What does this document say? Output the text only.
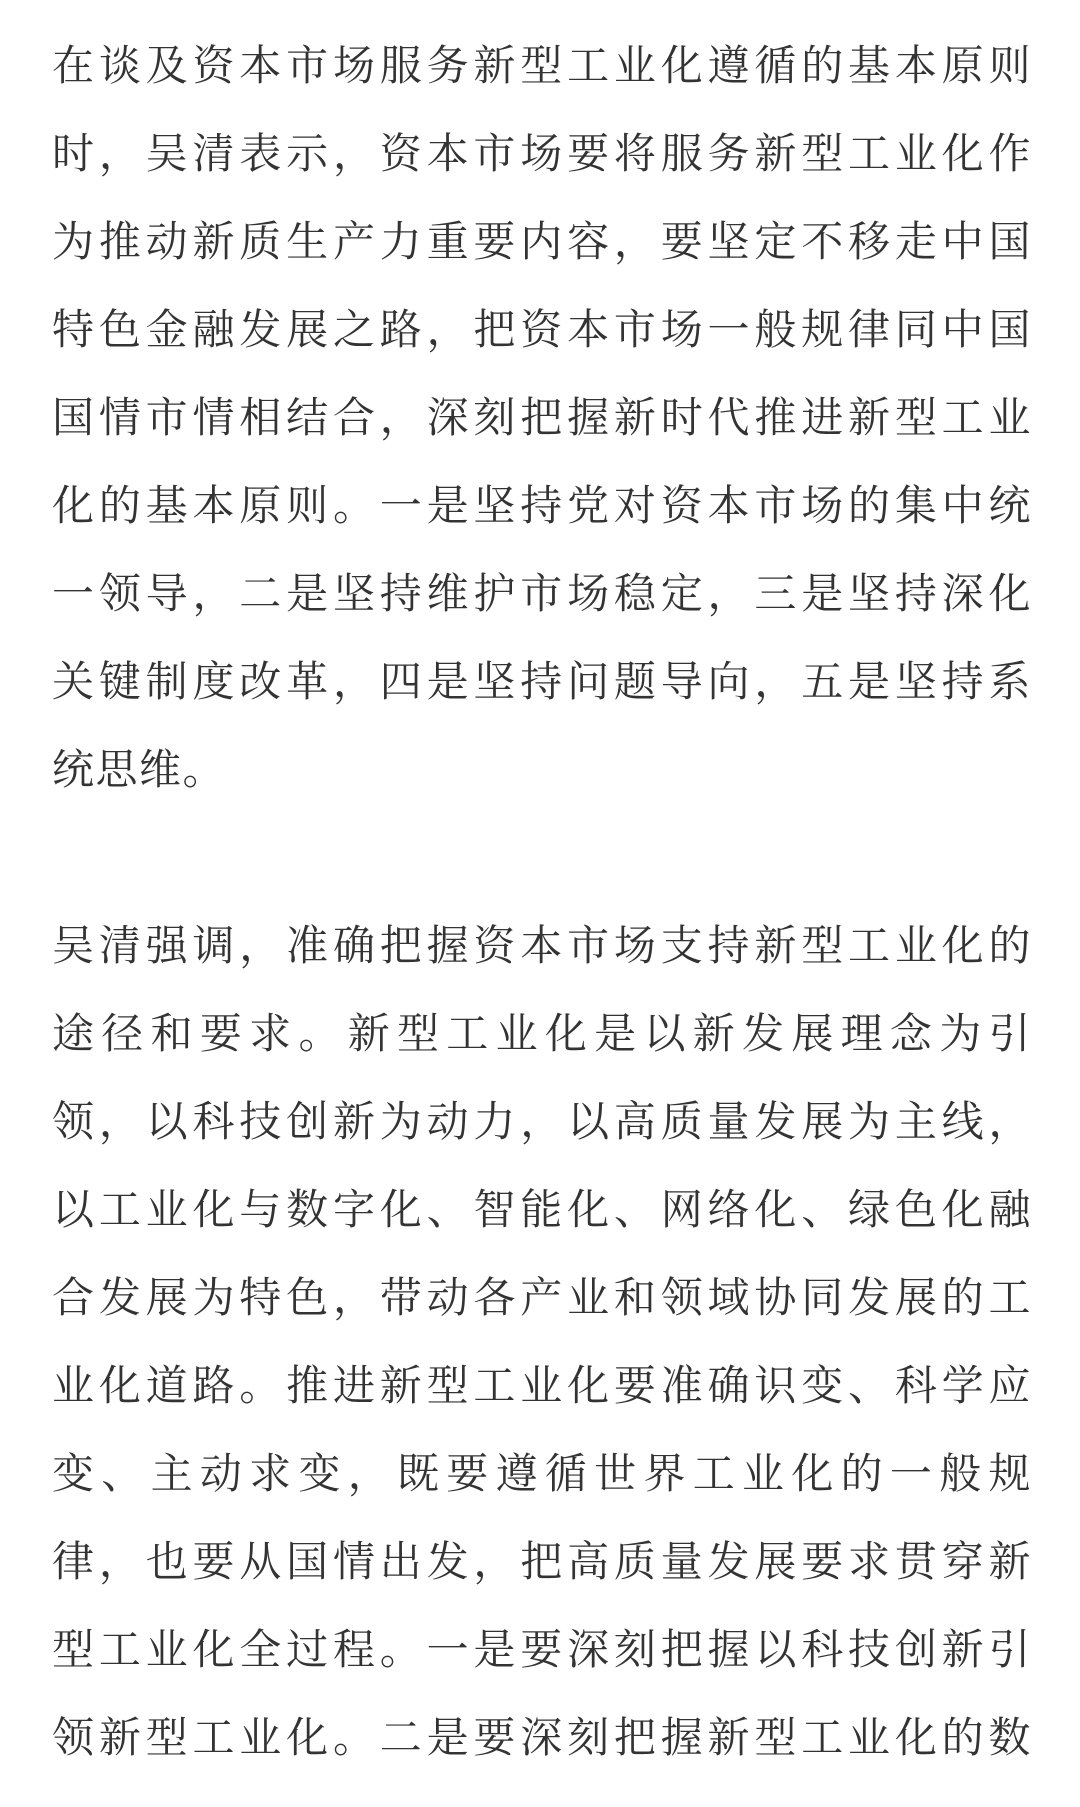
在谈及资本市场服务新型工业化遵循的基本原则
时，吴清表示，资本市场要将服务新型工业化作
为推动新质生产力重要内容，要坚定不移走中国
特色金融发展之路，把资本市场一般规律同中国
国情市情相结合，深刻把握新时代推进新型工业
化的基本原则。一是坚持党对资本市场的集中统
一领导，二是坚持维护市场稳定，三是坚持深化
关键制度改革，四是坚持问题导向，五是坚持系
统思维。
吴清强调，准确把握资本市场支持新型工业化的
途径和要求。新型工业化是以新发展理念为引
领，以科技创新为动力，以高质量发展为主线，
以工业化与数字化、智能化、网络化、绿色化融
合发展为特色，带动各产业和领域协同发展的工
业化道路。推进新型工业化要准确识变、科学应
变、主动求变，既要遵循世界工业化的一般规
律，也要从国情出发，把高质量发展要求贯穿新
型工业化全过程。一是要深刻把握以科技创新引
领新型工业化。二是要深刻把握新型工业化的数
